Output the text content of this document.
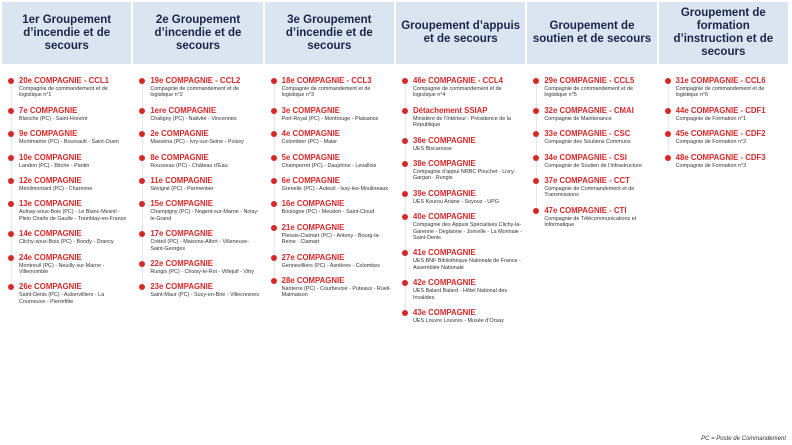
1er Groupement d’incendie et de secours
20e COMPAGNIE - CCL1
Compagnie de commandement et de logistique n°1
7e COMPAGNIE
Blanche (PC) - Saint-Honoré
9e COMPAGNIE
Montmartre (PC) - Boursault - Saint-Ouen
10e COMPAGNIE
Landon (PC) - Bitche - Pantin
12e COMPAGNIE
Ménilmontant (PC) - Charonne
13e COMPAGNIE
Aulnay-sous-Bois (PC) - Le Blanc-Mesnil - Plein Charle de Gaulle - Tremblay-en-France
14e COMPAGNIE
Clichy-sous-Bois (PC) - Bondy - Drancy
24e COMPAGNIE
Montreuil (PC) - Neuilly-sur-Marne - Villemomble
26e COMPAGNIE
Saint-Denis (PC) - Aubervilliers - La Courneuve - Pierrefitte
2e Groupement d’incendie et de secours
19e COMPAGNIE - CCL2
Compagnie de commandement et de logistique n°2
1ere COMPAGNIE
Chaligny (PC) - Nativité - Vincennes
2e COMPAGNIE
Masséna (PC) - Ivry-sur-Seine - Poissy
8e COMPAGNIE
Rousseau (PC) - Château d’Eau
11e COMPAGNIE
Sévigné (PC) - Parmentier
15e COMPAGNIE
Champigny (PC) - Nogent-sur-Marne - Noisy-le-Grand
17e COMPAGNIE
Créteil (PC) - Maisons-Alfort - Villeneuve-Saint-Georges
22e COMPAGNIE
Rungis (PC) - Choisy-le-Roi - Villejuif - Vitry
23e COMPAGNIE
Saint-Maur (PC) - Sucy-en-Brie - Villecresnes
3e Groupement d’incendie et de secours
18e COMPAGNIE - CCL3
Compagnie de commandement et de logistique n°3
3e COMPAGNIE
Port-Royal (PC) - Montrouge - Plaisance
4e COMPAGNIE
Colombier (PC) - Malar
5e COMPAGNIE
Champerret (PC) - Dauphine - Levallois
6e COMPAGNIE
Grenelle (PC) - Auteuil - Issy-les-Moulineaux
16e COMPAGNIE
Boulogne (PC) - Meudon - Saint-Cloud
21e COMPAGNIE
Plessis-Clamart (PC) - Antony - Bourg-la-Reine - Clamart
27e COMPAGNIE
Gennevilliers (PC) - Asnières - Colombes
28e COMPAGNIE
Nanterre (PC) - Courbevoie - Puteaux - Rueil-Malmaison
Groupement d’appuis et de secours
46e COMPAGNIE - CCL4
Compagnie de commandement et de logistique n°4
Détachement SSIAP
Ministère de l’Intérieur - Présidence de la République
36e COMPAGNIE
UES Biscarosse
38e COMPAGNIE
Compagnie d’appui NRBC Pouchet - Livry-Gargan - Rungis
39e COMPAGNIE
UES Kourou Ariane - Soyouz - UPG
40e COMPAGNIE
Compagnie des Appuis Spécialisés Clichy-la-Garenne - Deglanne - Joinville - La Monnaie - Saint-Denis
41e COMPAGNIE
UES BNF Bibliothèque Nationale de France - Assemblée Nationale
42e COMPAGNIE
UES Balard Balard - Hôtel National des Invalides
43e COMPAGNIE
UES Louvre Louvres - Musée d’Orsay
Groupement de soutien et de secours
29e COMPAGNIE - CCL5
Compagnie de commandement et de logistique n°5
32e COMPAGNIE - CMAI
Compagnie de Maintenance
33e COMPAGNIE - CSC
Compagnie des Soutiens Communs
34e COMPAGNIE - CSI
Compagnie de Soutien de l’infrastructure
37e COMPAGNIE - CCT
Compagnie de Commandement et de Transmissions
47e COMPAGNIE - CTI
Compagnie de Télécommunications et Informatique
Groupement de formation d’instruction et de secours
31e COMPAGNIE - CCL6
Compagnie de commandement et de logistique n°6
44e COMPAGNIE - CDF1
Compagnie de Formation n°1
45e COMPAGNIE - CDF2
Compagnie de Formation n°2
48e COMPAGNIE - CDF3
Compagnie de Formation n°3
PC = Poste de Commandement
